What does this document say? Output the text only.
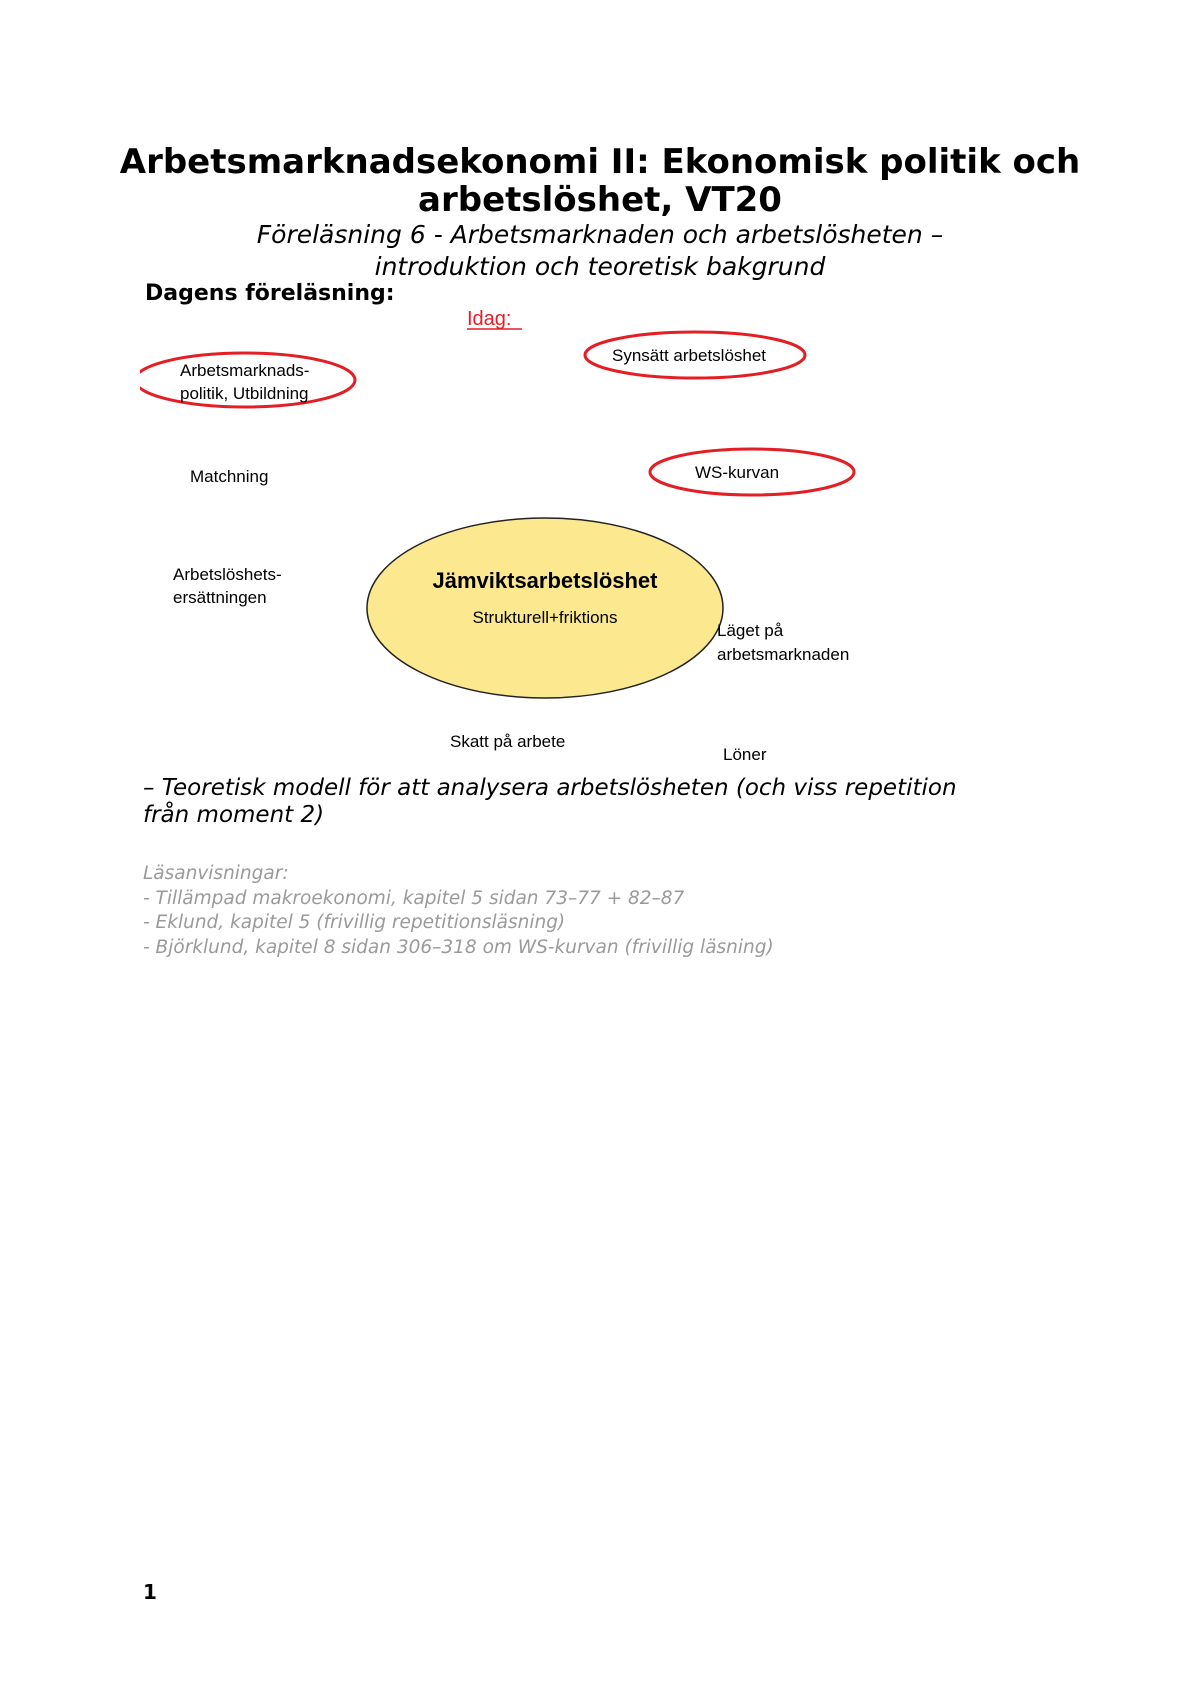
Arbetsmarknadsekonomi II: Ekonomisk politik och
arbetslöshet, VT20
Föreläsning 6 - Arbetsmarknaden och arbetslösheten –
introduktion och teoretisk bakgrund
Dagens föreläsning:
Idag:
Synsätt arbetslöshet
Arbetsmarknads-
politik, Utbildning
Matchning	WS-kurvan
Arbetslöshets-
ersättningen
Jämviktsarbetslöshet
Strukturell+friktions
Läget på
arbetsmarknaden
Skatt på arbete
Löner
– Teoretisk modell för att analysera arbetslösheten (och viss repetition
från moment 2)
Läsanvisningar:
- Tillämpad makroekonomi, kapitel 5 sidan 73–77 + 82–87
- Eklund, kapitel 5 (frivillig repetitionsläsning)
- Björklund, kapitel 8 sidan 306–318 om WS-kurvan (frivillig läsning)
1
